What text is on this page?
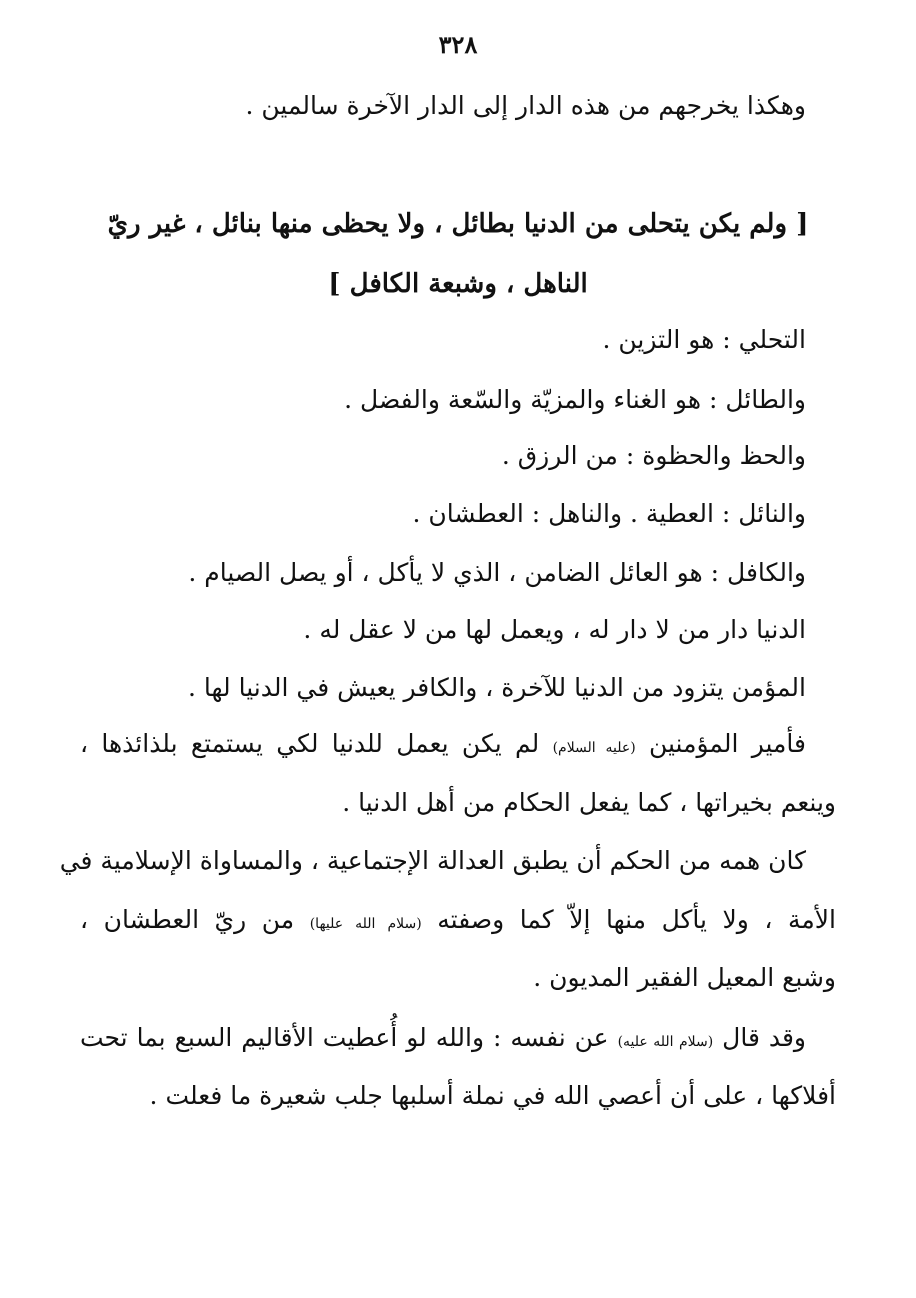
٣٢٨
وهكذا يخرجهم من هذه الدار إلى الدار الآخرة سالمين .
[ ولم يكن يتحلى من الدنيا بطائل ، ولا يحظى منها بنائل ، غير ريّ
الناهل ، وشبعة الكافل ]
التحلي : هو التزين .
والطائل : هو الغناء والمزيّة والسّعة والفضل .
والحظ والحظوة : من الرزق .
والنائل : العطية . والناهل : العطشان .
والكافل : هو العائل الضامن ، الذي لا يأكل ، أو يصل الصيام .
الدنيا دار من لا دار له ، ويعمل لها من لا عقل له .
المؤمن يتزود من الدنيا للآخرة ، والكافر يعيش في الدنيا لها .
فأمير المؤمنين (عليه السلام) لم يكن يعمل للدنيا لكي يستمتع بلذائذها ،
وينعم بخيراتها ، كما يفعل الحكام من أهل الدنيا .
كان همه من الحكم أن يطبق العدالة الإجتماعية ، والمساواة الإسلامية في
الأمة ، ولا يأكل منها إلاّ كما وصفته (سلام الله عليها) من ريّ العطشان ،
وشبع المعيل الفقير المديون .
وقد قال (سلام الله عليه) عن نفسه : والله لو أُعطيت الأقاليم السبع بما تحت
أفلاكها ، على أن أعصي الله في نملة أسلبها جلب شعيرة ما فعلت .
